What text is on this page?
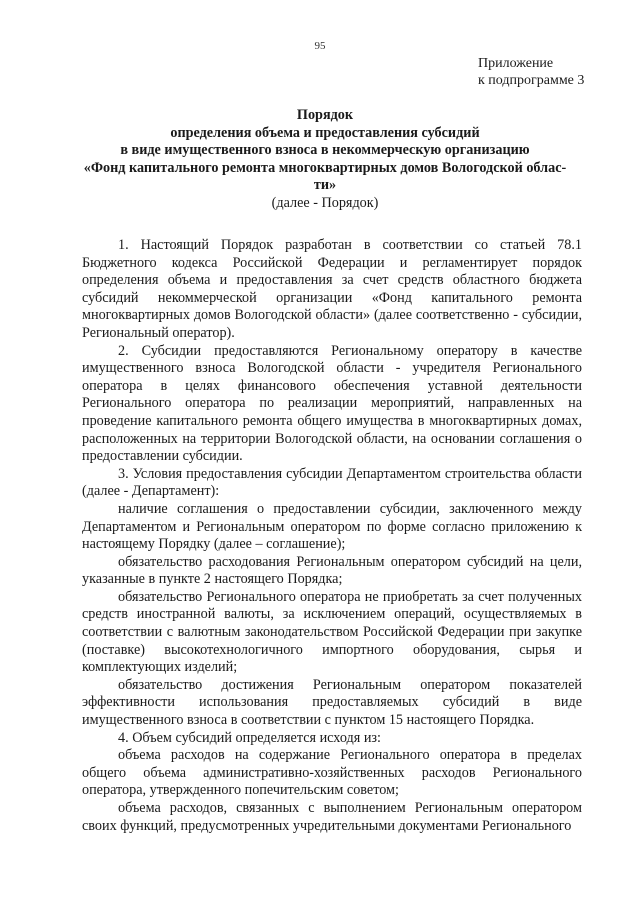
95
Приложение
к подпрограмме 3
Порядок
определения объема и предоставления субсидий
в виде имущественного взноса в некоммерческую организацию
«Фонд капитального ремонта многоквартирных домов Вологодской облас-
ти»
(далее - Порядок)

1. Настоящий Порядок разработан в соответствии со статьей 78.1 Бюджетного кодекса Российской Федерации и регламентирует порядок определения объема и предоставления за счет средств областного бюджета субсидий некоммерческой организации «Фонд капитального ремонта многоквартирных домов Вологодской области» (далее соответственно - субсидии, Региональный оператор).

2. Субсидии предоставляются Региональному оператору в качестве имущественного взноса Вологодской области - учредителя Регионального оператора в целях финансового обеспечения уставной деятельности Регионального оператора по реализации мероприятий, направленных на проведение капитального ремонта общего имущества в многоквартирных домах, расположенных на территории Вологодской области, на основании соглашения о предоставлении субсидии.

3. Условия предоставления субсидии Департаментом строительства области (далее - Департамент):

наличие соглашения о предоставлении субсидии, заключенного между Департаментом и Региональным оператором по форме согласно приложению к настоящему Порядку (далее – соглашение);

обязательство расходования Региональным оператором субсидий на цели, указанные в пункте 2 настоящего Порядка;

обязательство Регионального оператора не приобретать за счет полученных средств иностранной валюты, за исключением операций, осуществляемых в соответствии с валютным законодательством Российской Федерации при закупке (поставке) высокотехнологичного импортного оборудования, сырья и комплектующих изделий;

обязательство достижения Региональным оператором показателей эффективности использования предоставляемых субсидий в виде имущественного взноса в соответствии с пунктом 15 настоящего Порядка.

4. Объем субсидий определяется исходя из:

объема расходов на содержание Регионального оператора в пределах общего объема административно-хозяйственных расходов Регионального оператора, утвержденного попечительским советом;

объема расходов, связанных с выполнением Региональным оператором своих функций, предусмотренных учредительными документами Регионального
